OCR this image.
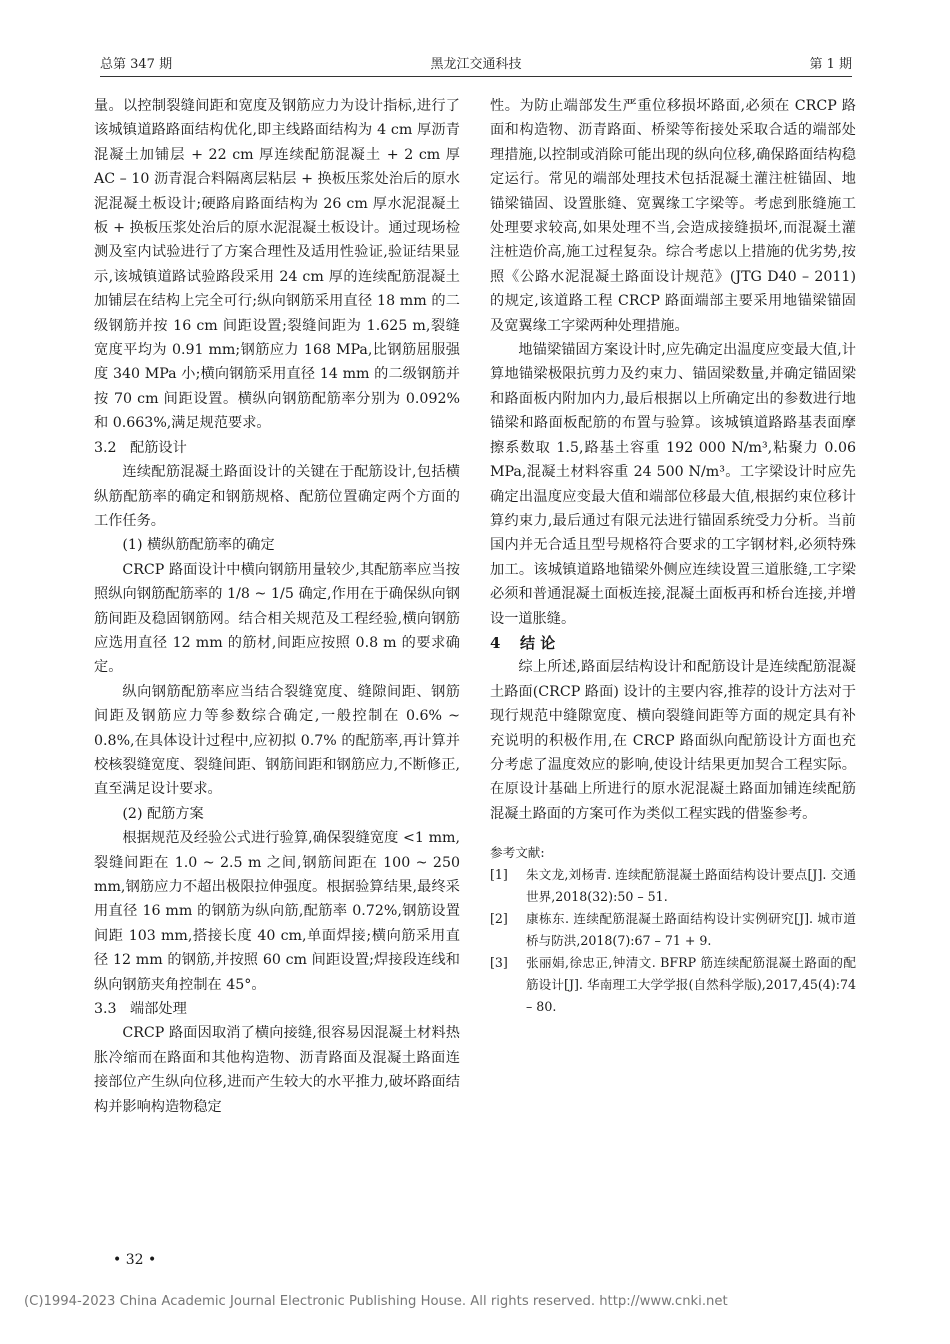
总第 347 期	黑龙江交通科技	第 1 期

量。以控制裂缝间距和宽度及钢筋应力为设计指标,进行了该城镇道路路面结构优化,即主线路面结构为 4 cm 厚沥青混凝土加铺层 + 22 cm 厚连续配筋混凝土 + 2 cm 厚 AC – 10 沥青混合料隔离层粘层 + 换板压浆处治后的原水泥混凝土板设计;硬路肩路面结构为 26 cm 厚水泥混凝土板 + 换板压浆处治后的原水泥混凝土板设计。通过现场检测及室内试验进行了方案合理性及适用性验证,验证结果显示,该城镇道路试验路段采用 24 cm 厚的连续配筋混凝土加铺层在结构上完全可行;纵向钢筋采用直径 18 mm 的二级钢筋并按 16 cm 间距设置;裂缝间距为 1.625 m,裂缝宽度平均为 0.91 mm;钢筋应力 168 MPa,比钢筋屈服强度 340 MPa 小;横向钢筋采用直径 14 mm 的二级钢筋并按 70 cm 间距设置。横纵向钢筋配筋率分别为 0.092% 和 0.663%,满足规范要求。

3.2 配筋设计

连续配筋混凝土路面设计的关键在于配筋设计,包括横纵筋配筋率的确定和钢筋规格、配筋位置确定两个方面的工作任务。

(1) 横纵筋配筋率的确定

CRCP 路面设计中横向钢筋用量较少,其配筋率应当按照纵向钢筋配筋率的 1/8 ~ 1/5 确定,作用在于确保纵向钢筋间距及稳固钢筋网。结合相关规范及工程经验,横向钢筋应选用直径 12 mm 的筋材,间距应按照 0.8 m 的要求确定。

纵向钢筋配筋率应当结合裂缝宽度、缝隙间距、钢筋间距及钢筋应力等参数综合确定,一般控制在 0.6% ~ 0.8%,在具体设计过程中,应初拟 0.7% 的配筋率,再计算并校核裂缝宽度、裂缝间距、钢筋间距和钢筋应力,不断修正,直至满足设计要求。

(2) 配筋方案

根据规范及经验公式进行验算,确保裂缝宽度 <1 mm,裂缝间距在 1.0 ~ 2.5 m 之间,钢筋间距在 100 ~ 250 mm,钢筋应力不超出极限拉伸强度。根据验算结果,最终采用直径 16 mm 的钢筋为纵向筋,配筋率 0.72%,钢筋设置间距 103 mm,搭接长度 40 cm,单面焊接;横向筋采用直径 12 mm 的钢筋,并按照 60 cm 间距设置;焊接段连线和纵向钢筋夹角控制在 45°。

3.3 端部处理

CRCP 路面因取消了横向接缝,很容易因混凝土材料热胀冷缩而在路面和其他构造物、沥青路面及混凝土路面连接部位产生纵向位移,进而产生较大的水平推力,破坏路面结构并影响构造物稳定

性。为防止端部发生严重位移损坏路面,必须在 CRCP 路面和构造物、沥青路面、桥梁等衔接处采取合适的端部处理措施,以控制或消除可能出现的纵向位移,确保路面结构稳定运行。常见的端部处理技术包括混凝土灌注桩锚固、地锚梁锚固、设置胀缝、宽翼缘工字梁等。考虑到胀缝施工处理要求较高,如果处理不当,会造成接缝损坏,而混凝土灌注桩造价高,施工过程复杂。综合考虑以上措施的优劣势,按照《公路水泥混凝土路面设计规范》(JTG D40 – 2011) 的规定,该道路工程 CRCP 路面端部主要采用地锚梁锚固及宽翼缘工字梁两种处理措施。

地锚梁锚固方案设计时,应先确定出温度应变最大值,计算地锚梁极限抗剪力及约束力、锚固梁数量,并确定锚固梁和路面板内附加内力,最后根据以上所确定出的参数进行地锚梁和路面板配筋的布置与验算。该城镇道路路基表面摩擦系数取 1.5,路基土容重 192 000 N/m³,粘聚力 0.06 MPa,混凝土材料容重 24 500 N/m³。工字梁设计时应先确定出温度应变最大值和端部位移最大值,根据约束位移计算约束力,最后通过有限元法进行锚固系统受力分析。当前国内并无合适且型号规格符合要求的工字钢材料,必须特殊加工。该城镇道路地锚梁外侧应连续设置三道胀缝,工字梁必须和普通混凝土面板连接,混凝土面板再和桥台连接,并增设一道胀缝。

4 结 论

综上所述,路面层结构设计和配筋设计是连续配筋混凝土路面(CRCP 路面) 设计的主要内容,推荐的设计方法对于现行规范中缝隙宽度、横向裂缝间距等方面的规定具有补充说明的积极作用,在 CRCP 路面纵向配筋设计方面也充分考虑了温度效应的影响,使设计结果更加契合工程实际。在原设计基础上所进行的原水泥混凝土路面加铺连续配筋混凝土路面的方案可作为类似工程实践的借鉴参考。

参考文献:

[1] 朱文龙,刘杨青. 连续配筋混凝土路面结构设计要点[J]. 交通世界,2018(32):50 – 51.
[2] 康栋东. 连续配筋混凝土路面结构设计实例研究[J]. 城市道桥与防洪,2018(7):67 – 71 + 9.
[3] 张丽娟,徐忠正,钟清文. BFRP 筋连续配筋混凝土路面的配筋设计[J]. 华南理工大学学报(自然科学版),2017,45(4):74 – 80.
• 32 •
(C)1994-2023 China Academic Journal Electronic Publishing House. All rights reserved. http://www.cnki.net
